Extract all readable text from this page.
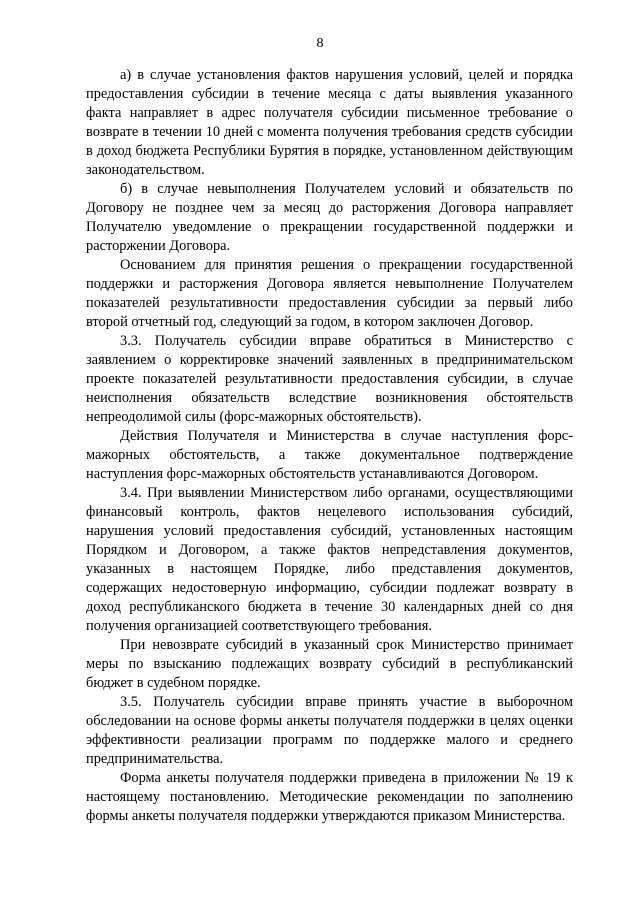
8

а) в случае установления фактов нарушения условий, целей и порядка предоставления субсидии в течение месяца с даты выявления указанного факта направляет в адрес получателя субсидии письменное требование о возврате в течении 10 дней с момента получения требования средств субсидии в доход бюджета Республики Бурятия в порядке, установленном действующим законодательством.

б) в случае невыполнения Получателем условий и обязательств по Договору не позднее чем за месяц до расторжения Договора направляет Получателю уведомление о прекращении государственной поддержки и расторжении Договора.

Основанием для принятия решения о прекращении государственной поддержки и расторжения Договора является невыполнение Получателем показателей результативности предоставления субсидии за первый либо второй отчетный год, следующий за годом, в котором заключен Договор.

3.3. Получатель субсидии вправе обратиться в Министерство с заявлением о корректировке значений заявленных в предпринимательском проекте показателей результативности предоставления субсидии, в случае неисполнения обязательств вследствие возникновения обстоятельств непреодолимой силы (форс-мажорных обстоятельств).

Действия Получателя и Министерства в случае наступления форс-мажорных обстоятельств, а также документальное подтверждение наступления форс-мажорных обстоятельств устанавливаются Договором.

3.4. При выявлении Министерством либо органами, осуществляющими финансовый контроль, фактов нецелевого использования субсидий, нарушения условий предоставления субсидий, установленных настоящим Порядком и Договором, а также фактов непредставления документов, указанных в настоящем Порядке, либо представления документов, содержащих недостоверную информацию, субсидии подлежат возврату в доход республиканского бюджета в течение 30 календарных дней со дня получения организацией соответствующего требования.

При невозврате субсидий в указанный срок Министерство принимает меры по взысканию подлежащих возврату субсидий в республиканский бюджет в судебном порядке.

3.5. Получатель субсидии вправе принять участие в выборочном обследовании на основе формы анкеты получателя поддержки в целях оценки эффективности реализации программ по поддержке малого и среднего предпринимательства.

Форма анкеты получателя поддержки приведена в приложении № 19 к настоящему постановлению. Методические рекомендации по заполнению формы анкеты получателя поддержки утверждаются приказом Министерства.
